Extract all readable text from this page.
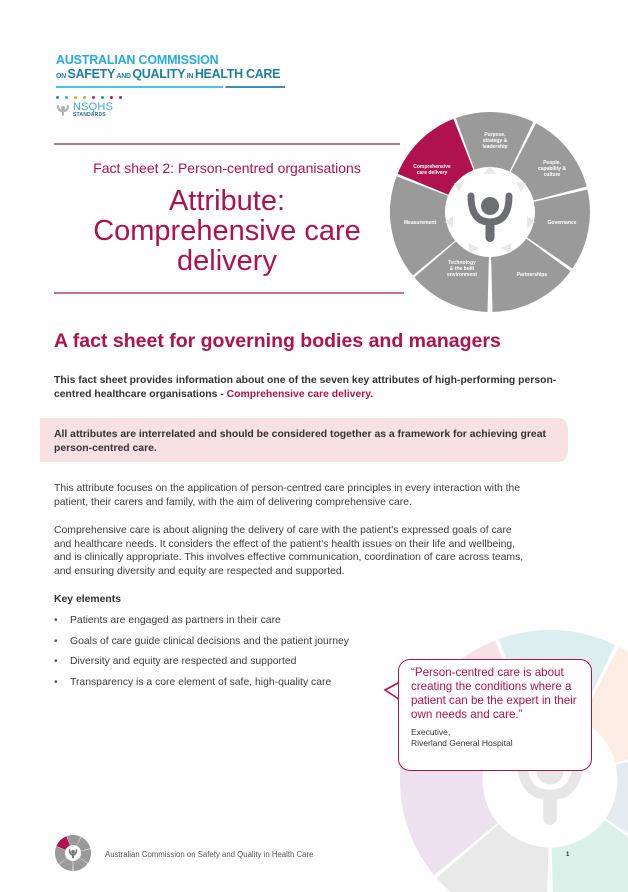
AUSTRALIAN COMMISSION
ON SAFETY AND QUALITY IN HEALTH CARE
NSQHS
STANDARDS
Fact sheet 2: Person-centred organisations
Attribute:
Comprehensive care
delivery
Purpose,
strategy &
leadership
People,
capability &
culture
Governance
Partnerships
Technology
& the built
environment
Measurement
Comprehensive
care delivery
A fact sheet for governing bodies and managers

This fact sheet provides information about one of the seven key attributes of high-performing person-centred healthcare organisations - Comprehensive care delivery.

All attributes are interrelated and should be considered together as a framework for achieving great person-centred care.

This attribute focuses on the application of person-centred care principles in every interaction with the patient, their carers and family, with the aim of delivering comprehensive care.

Comprehensive care is about aligning the delivery of care with the patient's expressed goals of care and healthcare needs. It considers the effect of the patient's health issues on their life and wellbeing, and is clinically appropriate. This involves effective communication, coordination of care across teams, and ensuring diversity and equity are respected and supported.

Key elements
• Patients are engaged as partners in their care
• Goals of care guide clinical decisions and the patient journey
• Diversity and equity are respected and supported
• Transparency is a core element of safe, high-quality care
“Person-centred care is about creating the conditions where a patient can be the expert in their own needs and care.”
Executive,
Riverland General Hospital
Australian Commission on Safety and Quality in Health Care	1
